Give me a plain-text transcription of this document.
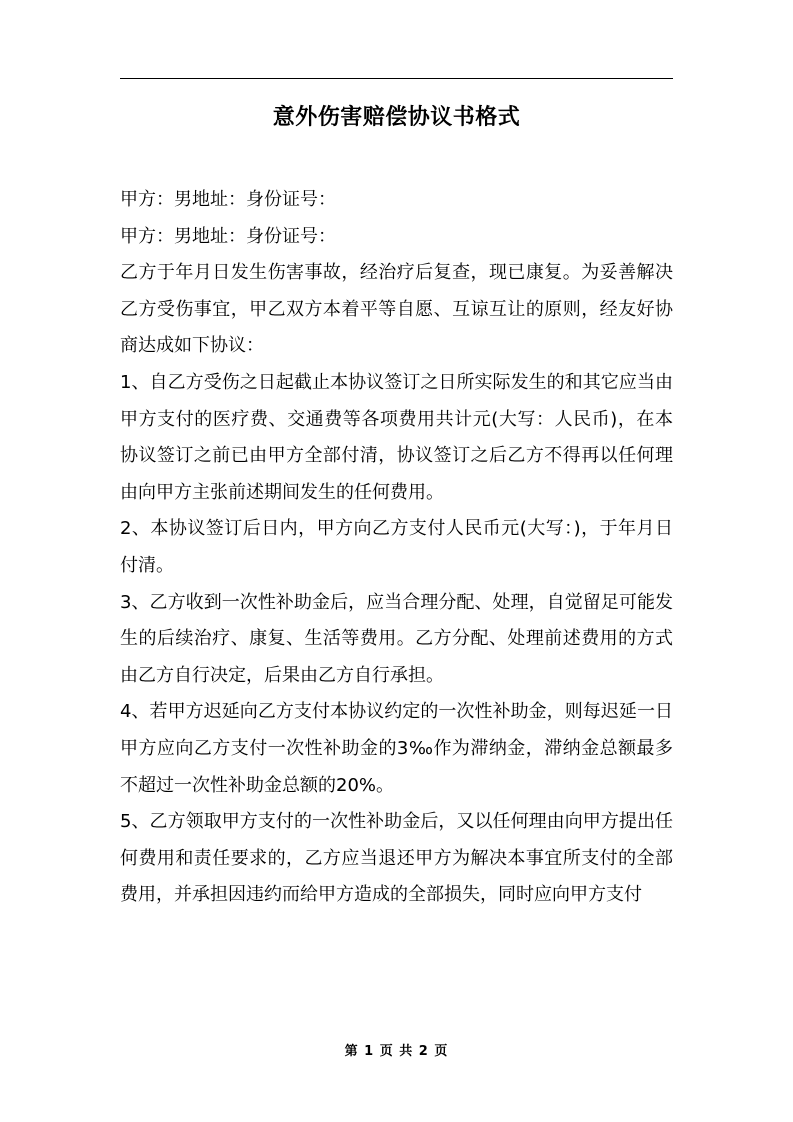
意外伤害赔偿协议书格式

甲方：男地址：身份证号：

甲方：男地址：身份证号：

乙方于年月日发生伤害事故，经治疗后复查，现已康复。为妥善解决乙方受伤事宜，甲乙双方本着平等自愿、互谅互让的原则，经友好协商达成如下协议：

1、自乙方受伤之日起截止本协议签订之日所实际发生的和其它应当由甲方支付的医疗费、交通费等各项费用共计元(大写：人民币)，在本协议签订之前已由甲方全部付清，协议签订之后乙方不得再以任何理由向甲方主张前述期间发生的任何费用。

2、本协议签订后日内，甲方向乙方支付人民币元(大写：)，于年月日付清。

3、乙方收到一次性补助金后，应当合理分配、处理，自觉留足可能发生的后续治疗、康复、生活等费用。乙方分配、处理前述费用的方式由乙方自行决定，后果由乙方自行承担。

4、若甲方迟延向乙方支付本协议约定的一次性补助金，则每迟延一日甲方应向乙方支付一次性补助金的3‰作为滞纳金，滞纳金总额最多不超过一次性补助金总额的20%。

5、乙方领取甲方支付的一次性补助金后，又以任何理由向甲方提出任何费用和责任要求的，乙方应当退还甲方为解决本事宜所支付的全部费用，并承担因违约而给甲方造成的全部损失，同时应向甲方支付

第 1 页 共 2 页
